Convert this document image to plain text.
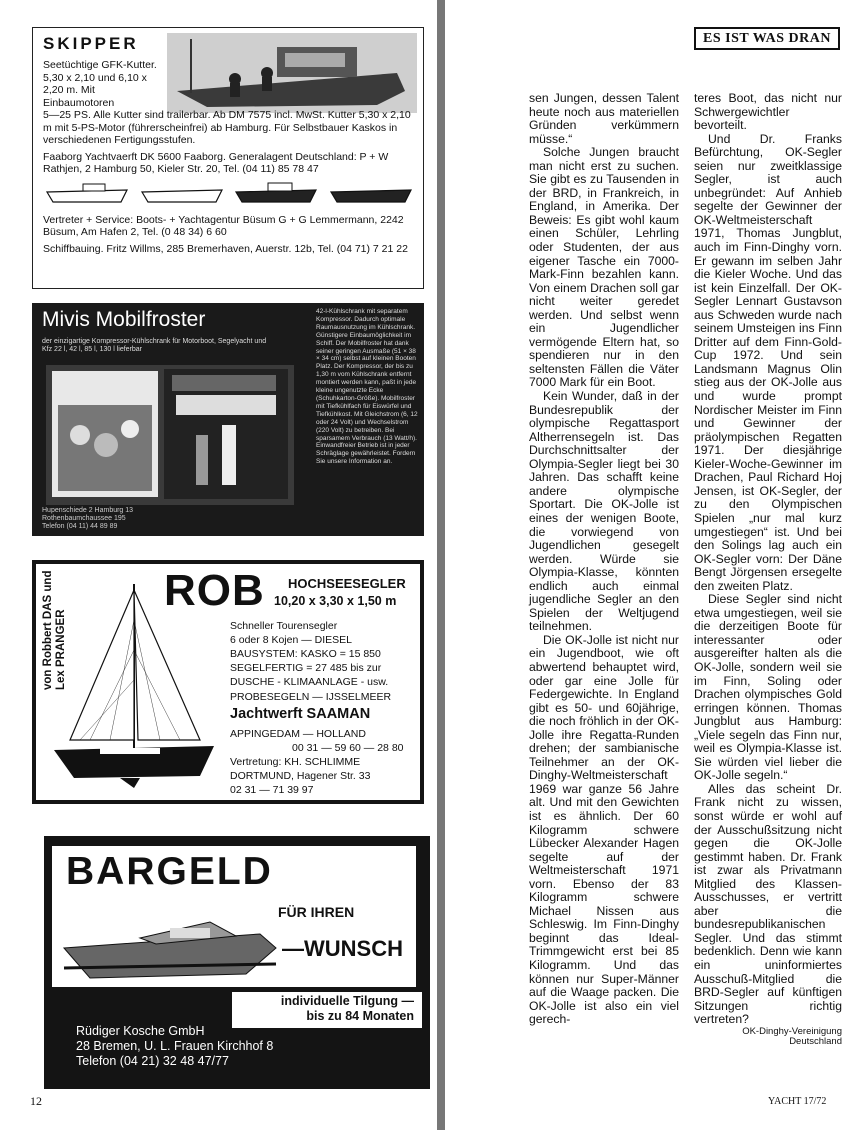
SKIPPER
Seetüchtige GFK-Kutter. 5,30 x 2,10 und 6,10 x 2,20 m. Mit Einbaumotoren

5—25 PS. Alle Kutter sind trailerbar. Ab DM 7575 incl. MwSt. Kutter 5,30 x 2,10 m mit 5-PS-Motor (führerscheinfrei) ab Hamburg. Für Selbstbauer Kaskos in verschiedenen Fertigungsstufen.

Faaborg Yachtvaerft DK 5600 Faaborg. Generalagent Deutschland: P + W Rathjen, 2 Hamburg 50, Kieler Str. 20, Tel. (04 11) 85 78 47

Vertreter + Service: Boots- + Yachtagentur Büsum G + G Lemmermann, 2242 Büsum, Am Hafen 2, Tel. (0 48 34) 6 60

Schiffbauing. Fritz Willms, 285 Bremerhaven, Auerstr. 12b, Tel. (04 71) 7 21 22

Mivis Mobilfroster
der einzigartige Kompressor-Kühlschrank für Motorboot, Segelyacht und Kfz 22 l, 42 l, 85 l, 130 l lieferbar
42-l-Kühlschrank mit separatem Kompressor. Dadurch optimale Raumausnutzung im Kühlschrank. Günstigere Einbaumöglichkeit im Schiff. Der Mobilfroster hat dank seiner geringen Ausmaße (51 × 38 × 34 cm) selbst auf kleinen Booten Platz. Der Kompressor, der bis zu 1,30 m vom Kühlschrank entfernt montiert werden kann, paßt in jede kleine ungenutzte Ecke (Schuhkarton-Größe). Mobilfroster mit Tiefkühlfach für Eiswürfel und Tiefkühlkost. Mit Gleichstrom (6, 12 oder 24 Volt) und Wechselstrom (220 Volt) zu betreiben. Bei sparsamem Verbrauch (13 Watt/h). Einwandfreier Betrieb ist in jeder Schräglage gewährleistet. Fordern Sie unsere Information an.
Hupenschiede 2 Hamburg 13
Rothenbaumchaussee 195
Telefon (04 11) 44 89 89
von Robbert DAS und Lex PRANGER
ROB HOCHSEESEGLER
10,20 x 3,30 x 1,50 m
Schneller Tourensegler
6 oder 8 Kojen — DIESEL
BAUSYSTEM: KASKO = 15 850
SEGELFERTIG = 27 485 bis zur
DUSCHE - KLIMAANLAGE - usw.
PROBESEGELN — IJSSELMEER
Jachtwerft SAAMAN
APPINGEDAM — HOLLAND
00 31 — 59 60 — 28 80
Vertretung: KH. SCHLIMME
DORTMUND, Hagener Str. 33
02 31 — 71 39 97
BARGELD
FÜR IHREN
—WUNSCH
individuelle Tilgung —
bis zu 84 Monaten
Rüdiger Kosche GmbH
28 Bremen, U. L. Frauen Kirchhof 8
Telefon (04 21) 32 48 47/77
ES IST WAS DRAN

sen Jungen, dessen Talent heute noch aus materiellen Gründen verkümmern müsse.“

Solche Jungen braucht man nicht erst zu suchen. Sie gibt es zu Tausenden in der BRD, in Frankreich, in England, in Amerika. Der Beweis: Es gibt wohl kaum einen Schüler, Lehrling oder Studenten, der aus eigener Tasche ein 7000-Mark-Finn bezahlen kann. Von einem Drachen soll gar nicht weiter geredet werden. Und selbst wenn ein Jugendlicher vermögende Eltern hat, so spendieren nur in den seltensten Fällen die Väter 7000 Mark für ein Boot.

Kein Wunder, daß in der Bundesrepublik der olympische Regattasport Altherrensegeln ist. Das Durchschnittsalter der Olympia-Segler liegt bei 30 Jahren. Das schafft keine andere olympische Sportart. Die OK-Jolle ist eines der wenigen Boote, die vorwiegend von Jugendlichen gesegelt werden. Würde sie Olympia-Klasse, könnten endlich auch einmal jugendliche Segler an den Spielen der Weltjugend teilnehmen.

Die OK-Jolle ist nicht nur ein Jugendboot, wie oft abwertend behauptet wird, oder gar eine Jolle für Federgewichte. In England gibt es 50- und 60jährige, die noch fröhlich in der OK-Jolle ihre Regatta-Runden drehen; der sambianische Teilnehmer an der OK-Dinghy-Weltmeisterschaft 1969 war ganze 56 Jahre alt. Und mit den Gewichten ist es ähnlich. Der 60 Kilogramm schwere Lübecker Alexander Hagen segelte auf der Weltmeisterschaft 1971 vorn. Ebenso der 83 Kilogramm schwere Michael Nissen aus Schleswig. Im Finn-Dinghy beginnt das Ideal-Trimmgewicht erst bei 85 Kilogramm. Und das können nur Super-Männer auf die Waage packen. Die OK-Jolle ist also ein viel gerech-

teres Boot, das nicht nur Schwergewichtler bevorteilt.

Und Dr. Franks Befürchtung, OK-Segler seien nur zweitklassige Segler, ist auch unbegründet: Auf Anhieb segelte der Gewinner der OK-Weltmeisterschaft 1971, Thomas Jungblut, auch im Finn-Dinghy vorn. Er gewann im selben Jahr die Kieler Woche. Und das ist kein Einzelfall. Der OK-Segler Lennart Gustavson aus Schweden wurde nach seinem Umsteigen ins Finn Dritter auf dem Finn-Gold-Cup 1972. Und sein Landsmann Magnus Olin stieg aus der OK-Jolle aus und wurde prompt Nordischer Meister im Finn und Gewinner der präolympischen Regatten 1971. Der diesjährige Kieler-Woche-Gewinner im Drachen, Paul Richard Hoj Jensen, ist OK-Segler, der zu den Olympischen Spielen „nur mal kurz umgestiegen“ ist. Und bei den Solings lag auch ein OK-Segler vorn: Der Däne Bengt Jörgensen ersegelte den zweiten Platz.

Diese Segler sind nicht etwa umgestiegen, weil sie die derzeitigen Boote für interessanter oder ausgereifter halten als die OK-Jolle, sondern weil sie im Finn, Soling oder Drachen olympisches Gold erringen können. Thomas Jungblut aus Hamburg: „Viele segeln das Finn nur, weil es Olympia-Klasse ist. Sie würden viel lieber die OK-Jolle segeln.“

Alles das scheint Dr. Frank nicht zu wissen, sonst würde er wohl auf der Ausschußsitzung nicht gegen die OK-Jolle gestimmt haben. Dr. Frank ist zwar als Privatmann Mitglied des Klassen-Ausschusses, er vertritt aber die bundesrepublikanischen Segler. Und das stimmt bedenklich. Denn wie kann ein uninformiertes Ausschuß-Mitglied die BRD-Segler auf künftigen Sitzungen richtig vertreten?

OK-Dinghy-Vereinigung
Deutschland
12	YACHT 17/72
